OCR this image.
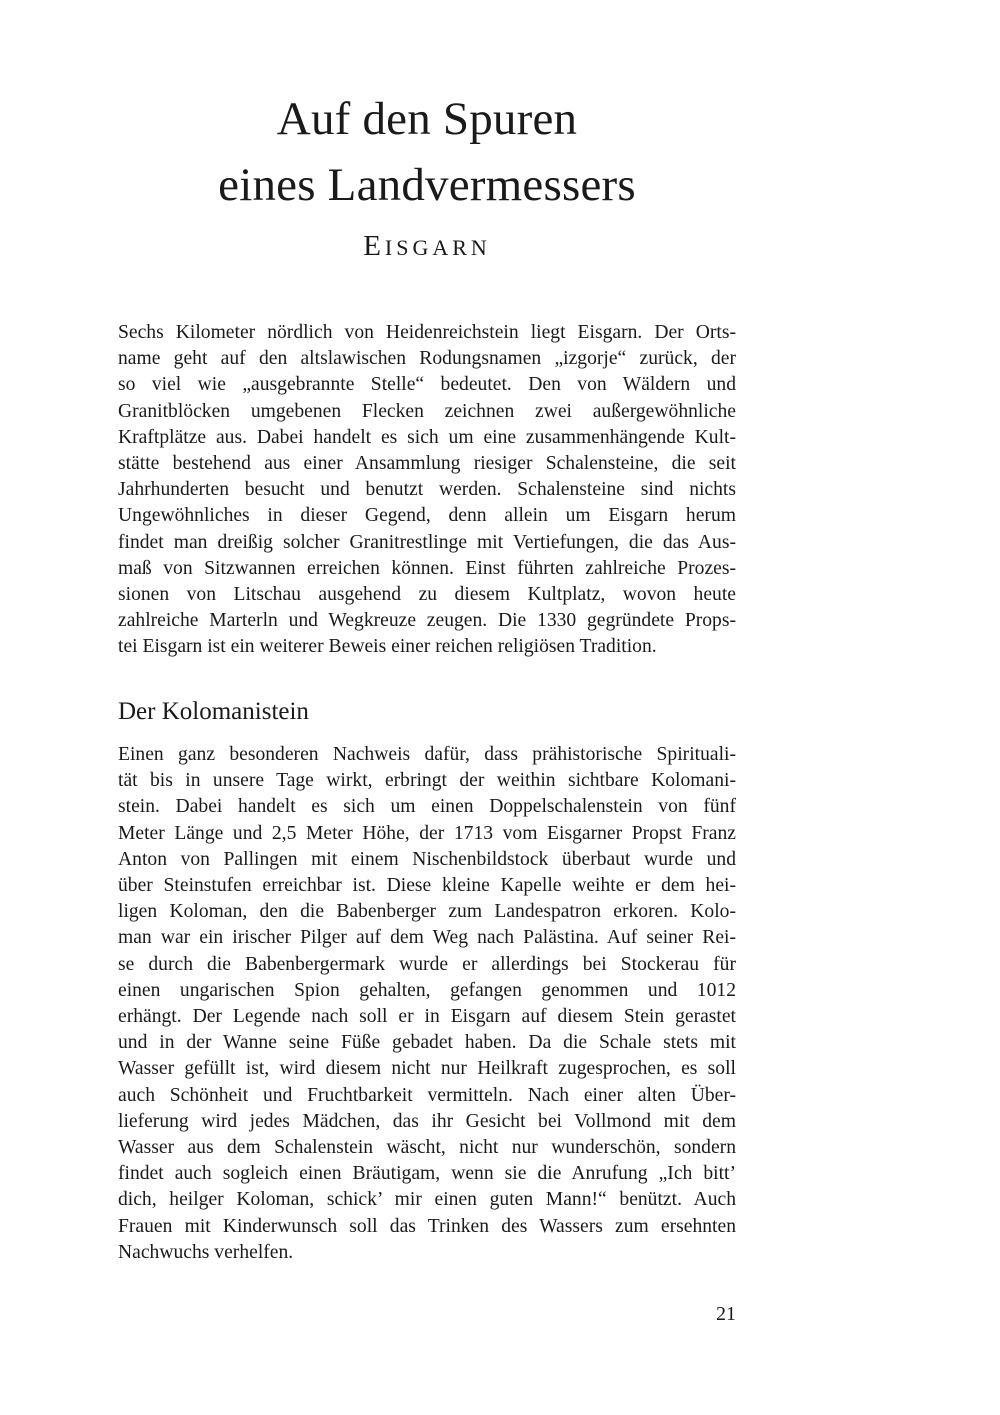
Auf den Spuren
eines Landvermessers
EISGARN

Sechs Kilometer nördlich von Heidenreichstein liegt Eisgarn. Der Orts-
name geht auf den altslawischen Rodungsnamen „izgorje“ zurück, der
so viel wie „ausgebrannte Stelle“ bedeutet. Den von Wäldern und
Granitblöcken umgebenen Flecken zeichnen zwei außergewöhnliche
Kraftplätze aus. Dabei handelt es sich um eine zusammenhängende Kult-
stätte bestehend aus einer Ansammlung riesiger Schalensteine, die seit
Jahrhunderten besucht und benutzt werden. Schalensteine sind nichts
Ungewöhnliches in dieser Gegend, denn allein um Eisgarn herum
findet man dreißig solcher Granitrestlinge mit Vertiefungen, die das Aus-
maß von Sitzwannen erreichen können. Einst führten zahlreiche Prozes-
sionen von Litschau ausgehend zu diesem Kultplatz, wovon heute
zahlreiche Marterln und Wegkreuze zeugen. Die 1330 gegründete Props-
tei Eisgarn ist ein weiterer Beweis einer reichen religiösen Tradition.

Der Kolomanistein

Einen ganz besonderen Nachweis dafür, dass prähistorische Spirituali-
tät bis in unsere Tage wirkt, erbringt der weithin sichtbare Kolomani-
stein. Dabei handelt es sich um einen Doppelschalenstein von fünf
Meter Länge und 2,5 Meter Höhe, der 1713 vom Eisgarner Propst Franz
Anton von Pallingen mit einem Nischenbildstock überbaut wurde und
über Steinstufen erreichbar ist. Diese kleine Kapelle weihte er dem hei-
ligen Koloman, den die Babenberger zum Landespatron erkoren. Kolo-
man war ein irischer Pilger auf dem Weg nach Palästina. Auf seiner Rei-
se durch die Babenbergermark wurde er allerdings bei Stockerau für
einen ungarischen Spion gehalten, gefangen genommen und 1012
erhängt. Der Legende nach soll er in Eisgarn auf diesem Stein gerastet
und in der Wanne seine Füße gebadet haben. Da die Schale stets mit
Wasser gefüllt ist, wird diesem nicht nur Heilkraft zugesprochen, es soll
auch Schönheit und Fruchtbarkeit vermitteln. Nach einer alten Über-
lieferung wird jedes Mädchen, das ihr Gesicht bei Vollmond mit dem
Wasser aus dem Schalenstein wäscht, nicht nur wunderschön, sondern
findet auch sogleich einen Bräutigam, wenn sie die Anrufung „Ich bitt’
dich, heilger Koloman, schick’ mir einen guten Mann!“ benützt. Auch
Frauen mit Kinderwunsch soll das Trinken des Wassers zum ersehnten
Nachwuchs verhelfen.

21
